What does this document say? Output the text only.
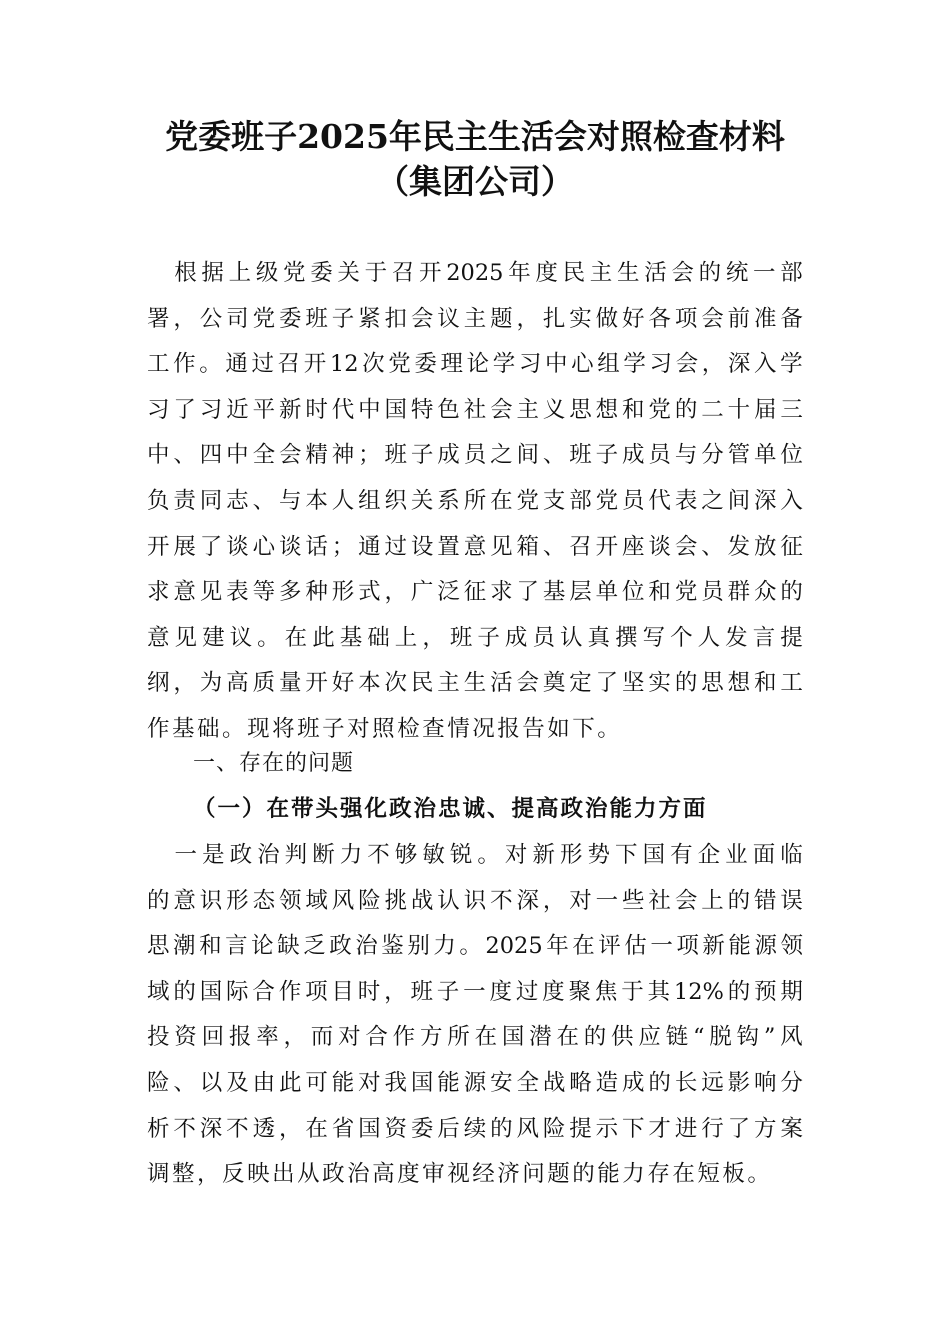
党委班子2025年民主生活会对照检查材料
（集团公司）

根 据 上 级 党 委 关 于 召 开 2025 年 度 民 主 生 活 会 的 统 一 部
署 ， 公 司 党 委 班 子 紧 扣 会 议 主 题 ， 扎 实 做 好 各 项 会 前 准 备
工 作 。 通 过 召 开 12 次 党 委 理 论 学 习 中 心 组 学 习 会 ， 深 入 学
习 了 习 近 平 新 时 代 中 国 特 色 社 会 主 义 思 想 和 党 的 二 十 届 三
中 、 四 中 全 会 精 神 ； 班 子 成 员 之 间 、 班 子 成 员 与 分 管 单 位
负 责 同 志 、 与 本 人 组 织 关 系 所 在 党 支 部 党 员 代 表 之 间 深 入
开 展 了 谈 心 谈 话 ； 通 过 设 置 意 见 箱 、 召 开 座 谈 会 、 发 放 征
求 意 见 表 等 多 种 形 式 ， 广 泛 征 求 了 基 层 单 位 和 党 员 群 众 的
意 见 建 议 。 在 此 基 础 上 ， 班 子 成 员 认 真 撰 写 个 人 发 言 提
纲 ， 为 高 质 量 开 好 本 次 民 主 生 活 会 奠 定 了 坚 实 的 思 想 和 工
作 基 础 。 现 将 班 子 对 照 检 查 情 况 报 告 如 下 。
一、存在的问题
（一）在带头强化政治忠诚、提高政治能力方面

一 是 政 治 判 断 力 不 够 敏 锐 。 对 新 形 势 下 国 有 企 业 面 临
的 意 识 形 态 领 域 风 险 挑 战 认 识 不 深 ， 对 一 些 社 会 上 的 错 误
思 潮 和 言 论 缺 乏 政 治 鉴 别 力 。 2025 年 在 评 估 一 项 新 能 源 领
域 的 国 际 合 作 项 目 时 ， 班 子 一 度 过 度 聚 焦 于 其 12% 的 预 期
投 资 回 报 率 ， 而 对 合 作 方 所 在 国 潜 在 的 供 应 链 “ 脱 钩 ” 风
险 、 以 及 由 此 可 能 对 我 国 能 源 安 全 战 略 造 成 的 长 远 影 响 分
析 不 深 不 透 ， 在 省 国 资 委 后 续 的 风 险 提 示 下 才 进 行 了 方 案
调 整 ， 反 映 出 从 政 治 高 度 审 视 经 济 问 题 的 能 力 存 在 短 板 。
